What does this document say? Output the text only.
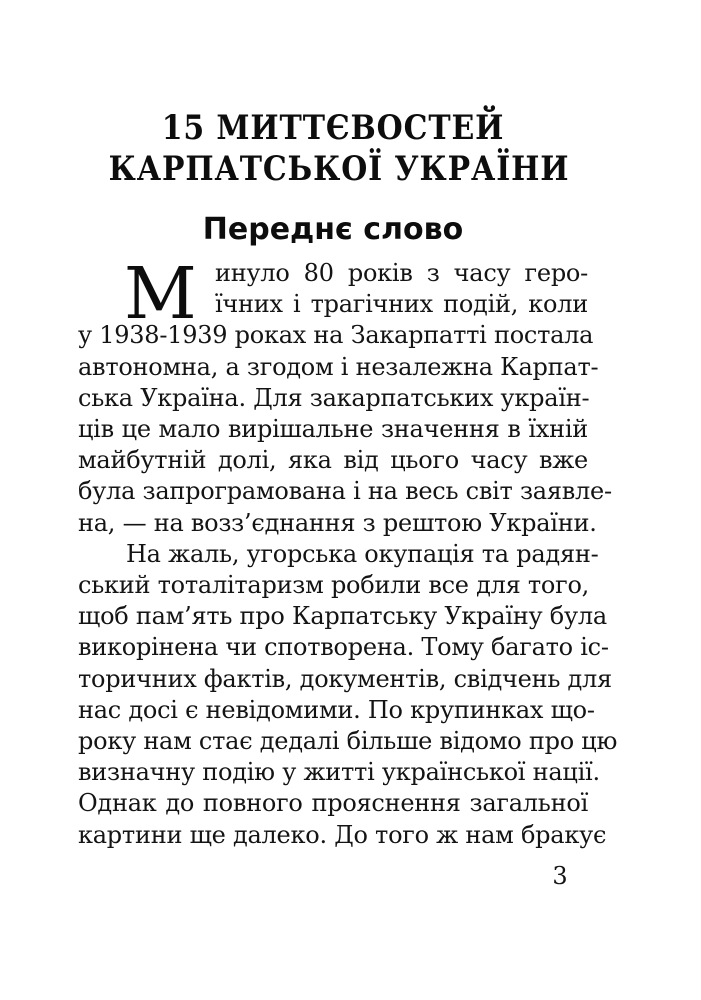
15 МИТТЄВОСТЕЙ
КАРПАТСЬКОЇ УКРАЇНИ
Переднє слово
М инуло 80 років з часу геро-
їчних і трагічних подій, коли
у 1938-1939 роках на Закарпатті постала
автономна, а згодом і незалежна Карпат-
ська Україна. Для закарпатських україн-
ців це мало вирішальне значення в їхній
майбутній долі, яка від цього часу вже
була запрограмована і на весь світ заявле-
на, — на возз’єднання з рештою України.
На жаль, угорська окупація та радян-
ський тоталітаризм робили все для того,
щоб пам’ять про Карпатську Україну була
викорінена чи спотворена. Тому багато іс-
торичних фактів, документів, свідчень для
нас досі є невідомими. По крупинках що-
року нам стає дедалі більше відомо про цю
визначну подію у житті української нації.
Однак до повного прояснення загальної
картини ще далеко. До того ж нам бракує
3
